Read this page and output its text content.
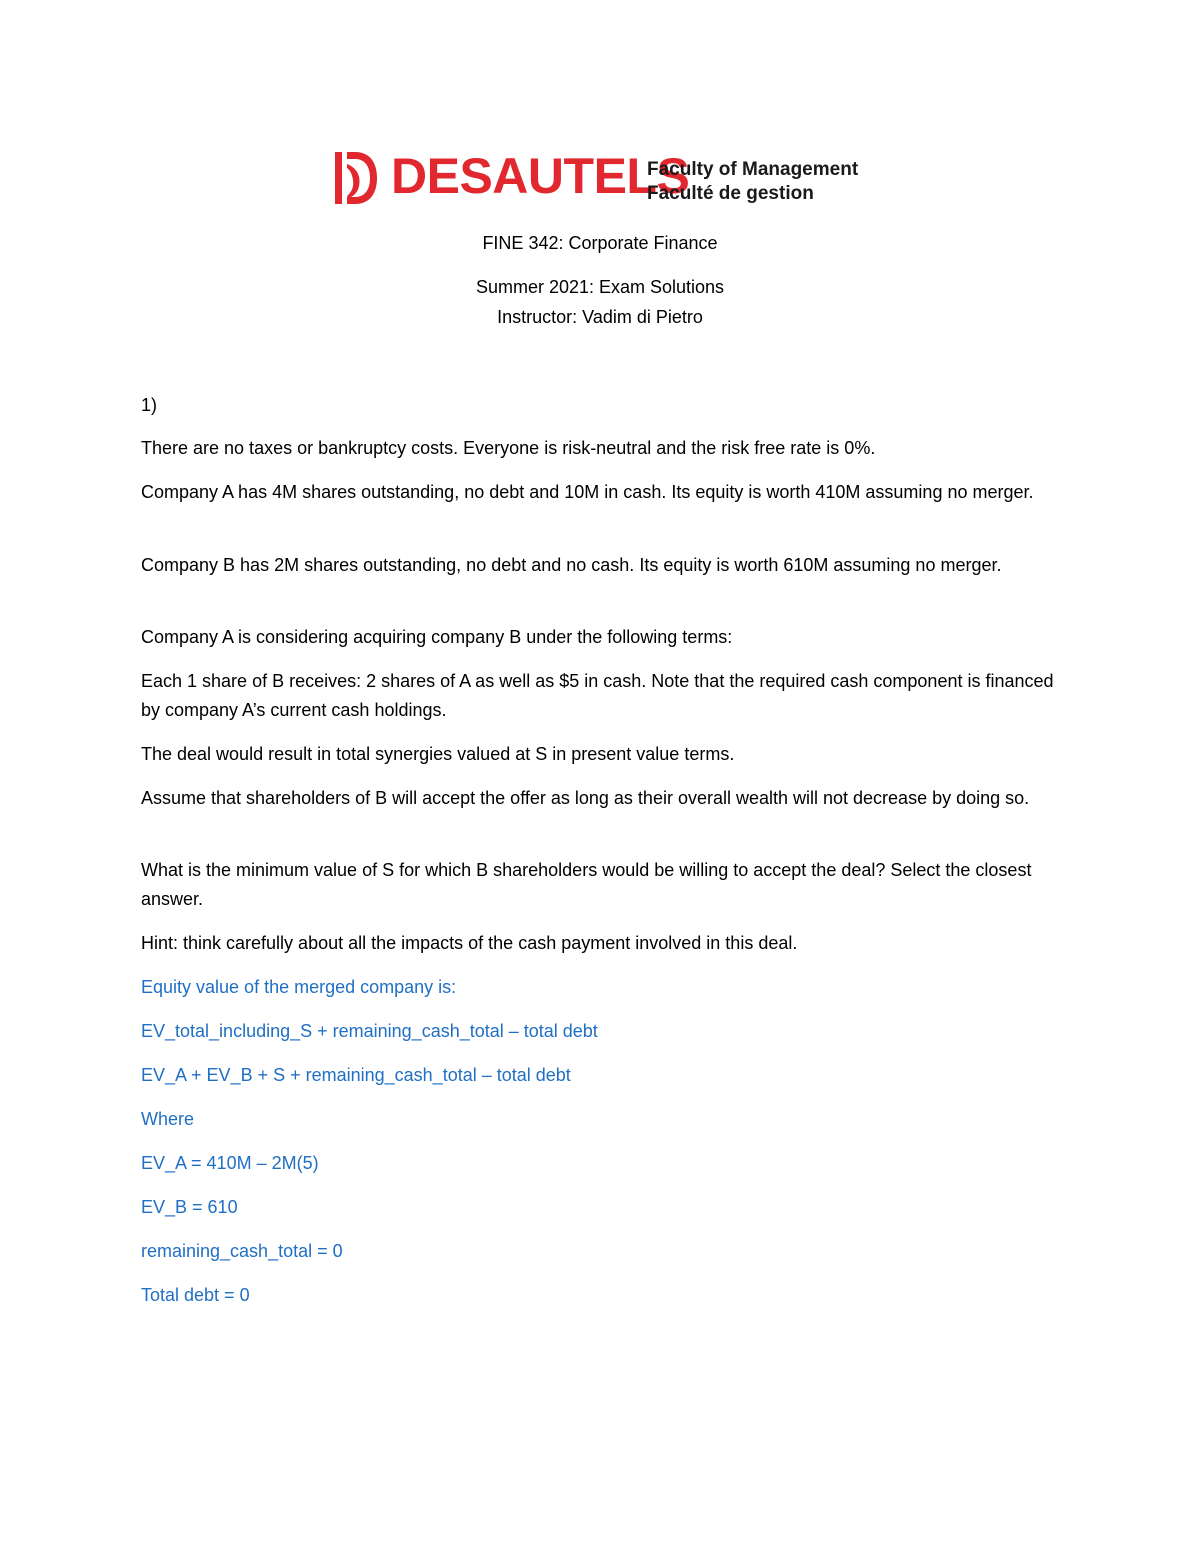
DESAUTELS
Faculty of Management
Faculté de gestion
FINE 342: Corporate Finance
Summer 2021: Exam Solutions
Instructor: Vadim di Pietro
1)
There are no taxes or bankruptcy costs. Everyone is risk-neutral and the risk free rate is 0%.
Company A has 4M shares outstanding, no debt and 10M in cash. Its equity is worth 410M assuming no merger.
Company B has 2M shares outstanding, no debt and no cash. Its equity is worth 610M assuming no merger.
Company A is considering acquiring company B under the following terms:
Each 1 share of B receives: 2 shares of A as well as $5 in cash. Note that the required cash component is financed by company A’s current cash holdings.
The deal would result in total synergies valued at S in present value terms.
Assume that shareholders of B will accept the offer as long as their overall wealth will not decrease by doing so.
What is the minimum value of S for which B shareholders would be willing to accept the deal? Select the closest answer.
Hint: think carefully about all the impacts of the cash payment involved in this deal.
Equity value of the merged company is:
EV_total_including_S + remaining_cash_total – total debt
EV_A + EV_B + S + remaining_cash_total – total debt
Where
EV_A = 410M – 2M(5)
EV_B = 610
remaining_cash_total = 0
Total debt = 0
